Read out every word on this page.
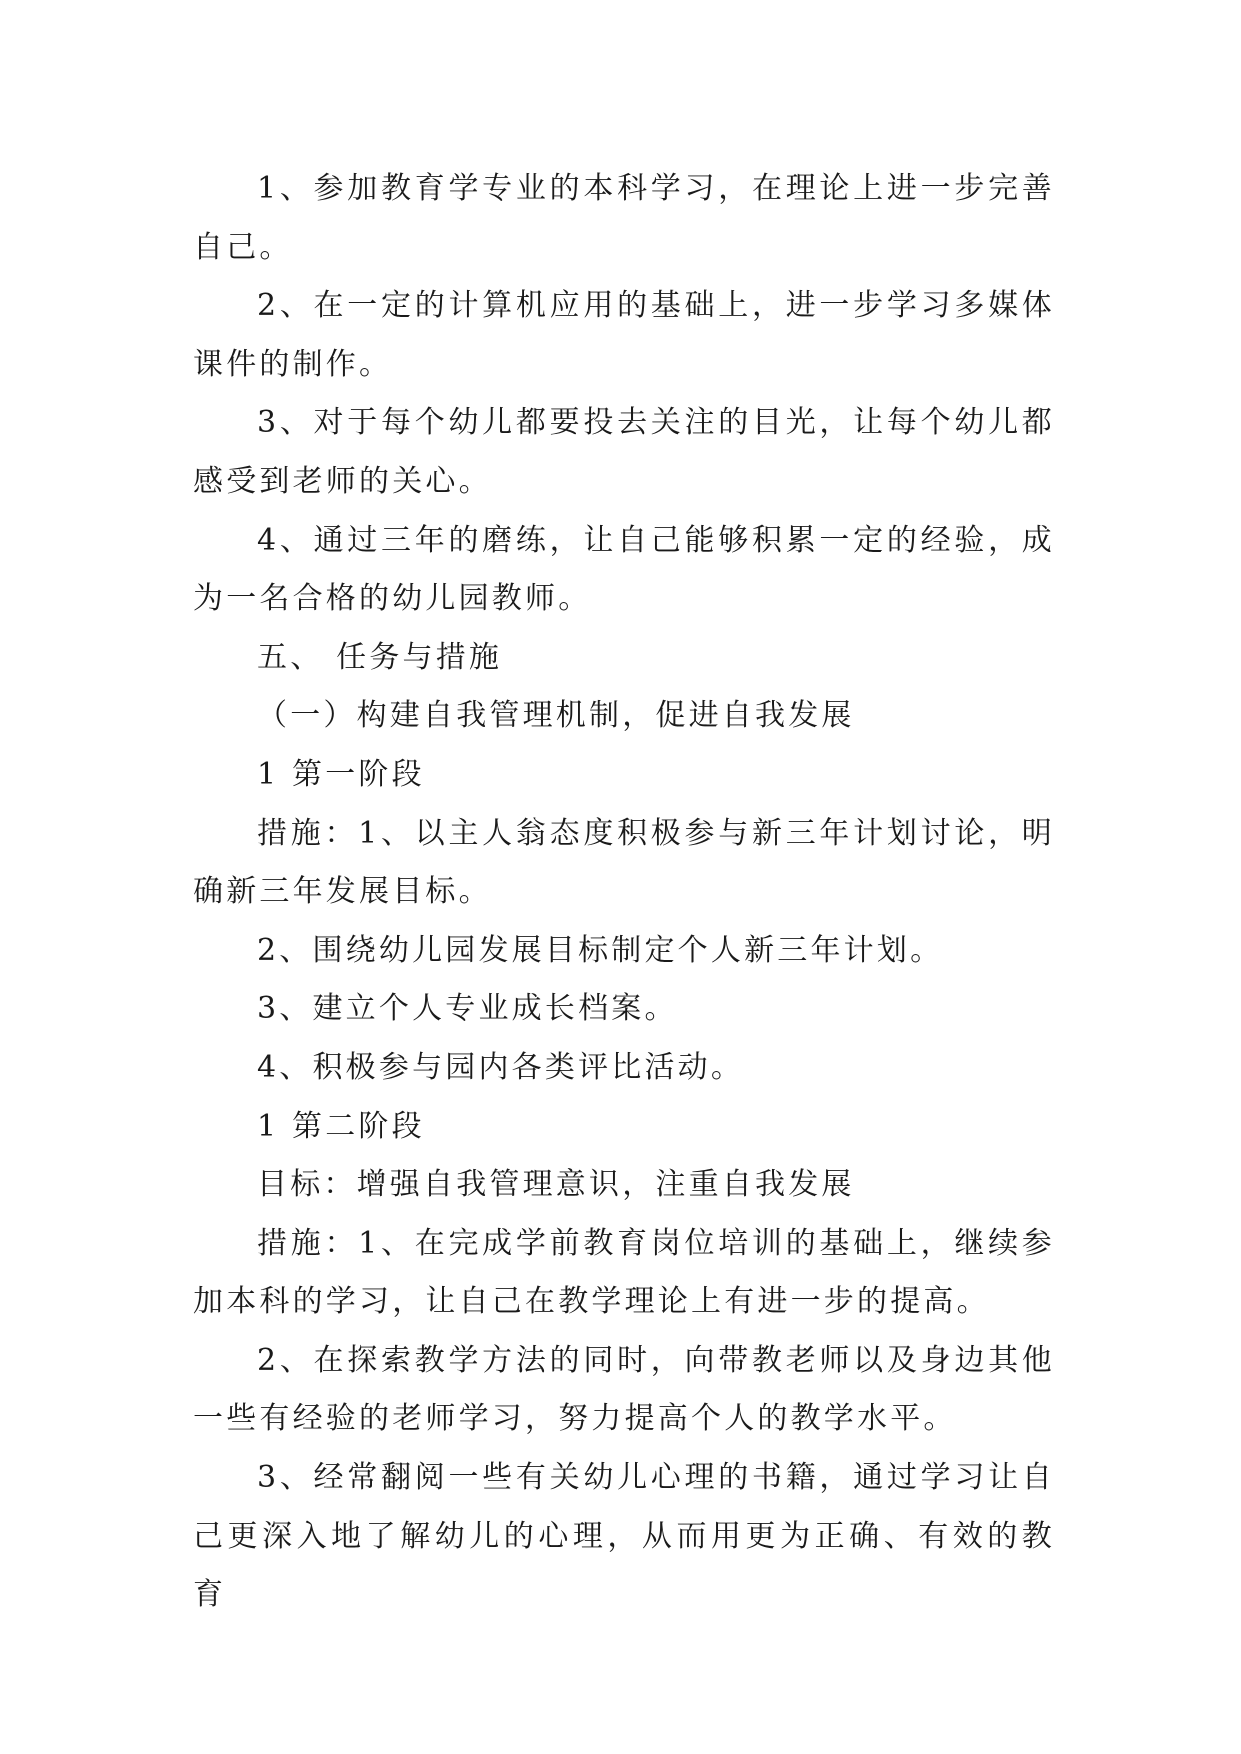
1、参加教育学专业的本科学习，在理论上进一步完善自己。

2、在一定的计算机应用的基础上，进一步学习多媒体课件的制作。

3、对于每个幼儿都要投去关注的目光，让每个幼儿都感受到老师的关心。

4、通过三年的磨练，让自己能够积累一定的经验，成为一名合格的幼儿园教师。

五、 任务与措施

（一）构建自我管理机制，促进自我发展

1 第一阶段

措施：1、以主人翁态度积极参与新三年计划讨论，明确新三年发展目标。

2、围绕幼儿园发展目标制定个人新三年计划。

3、建立个人专业成长档案。

4、积极参与园内各类评比活动。

1 第二阶段

目标：增强自我管理意识，注重自我发展

措施：1、在完成学前教育岗位培训的基础上，继续参加本科的学习，让自己在教学理论上有进一步的提高。

2、在探索教学方法的同时，向带教老师以及身边其他一些有经验的老师学习，努力提高个人的教学水平。

3、经常翻阅一些有关幼儿心理的书籍，通过学习让自己更深入地了解幼儿的心理，从而用更为正确、有效的教育
